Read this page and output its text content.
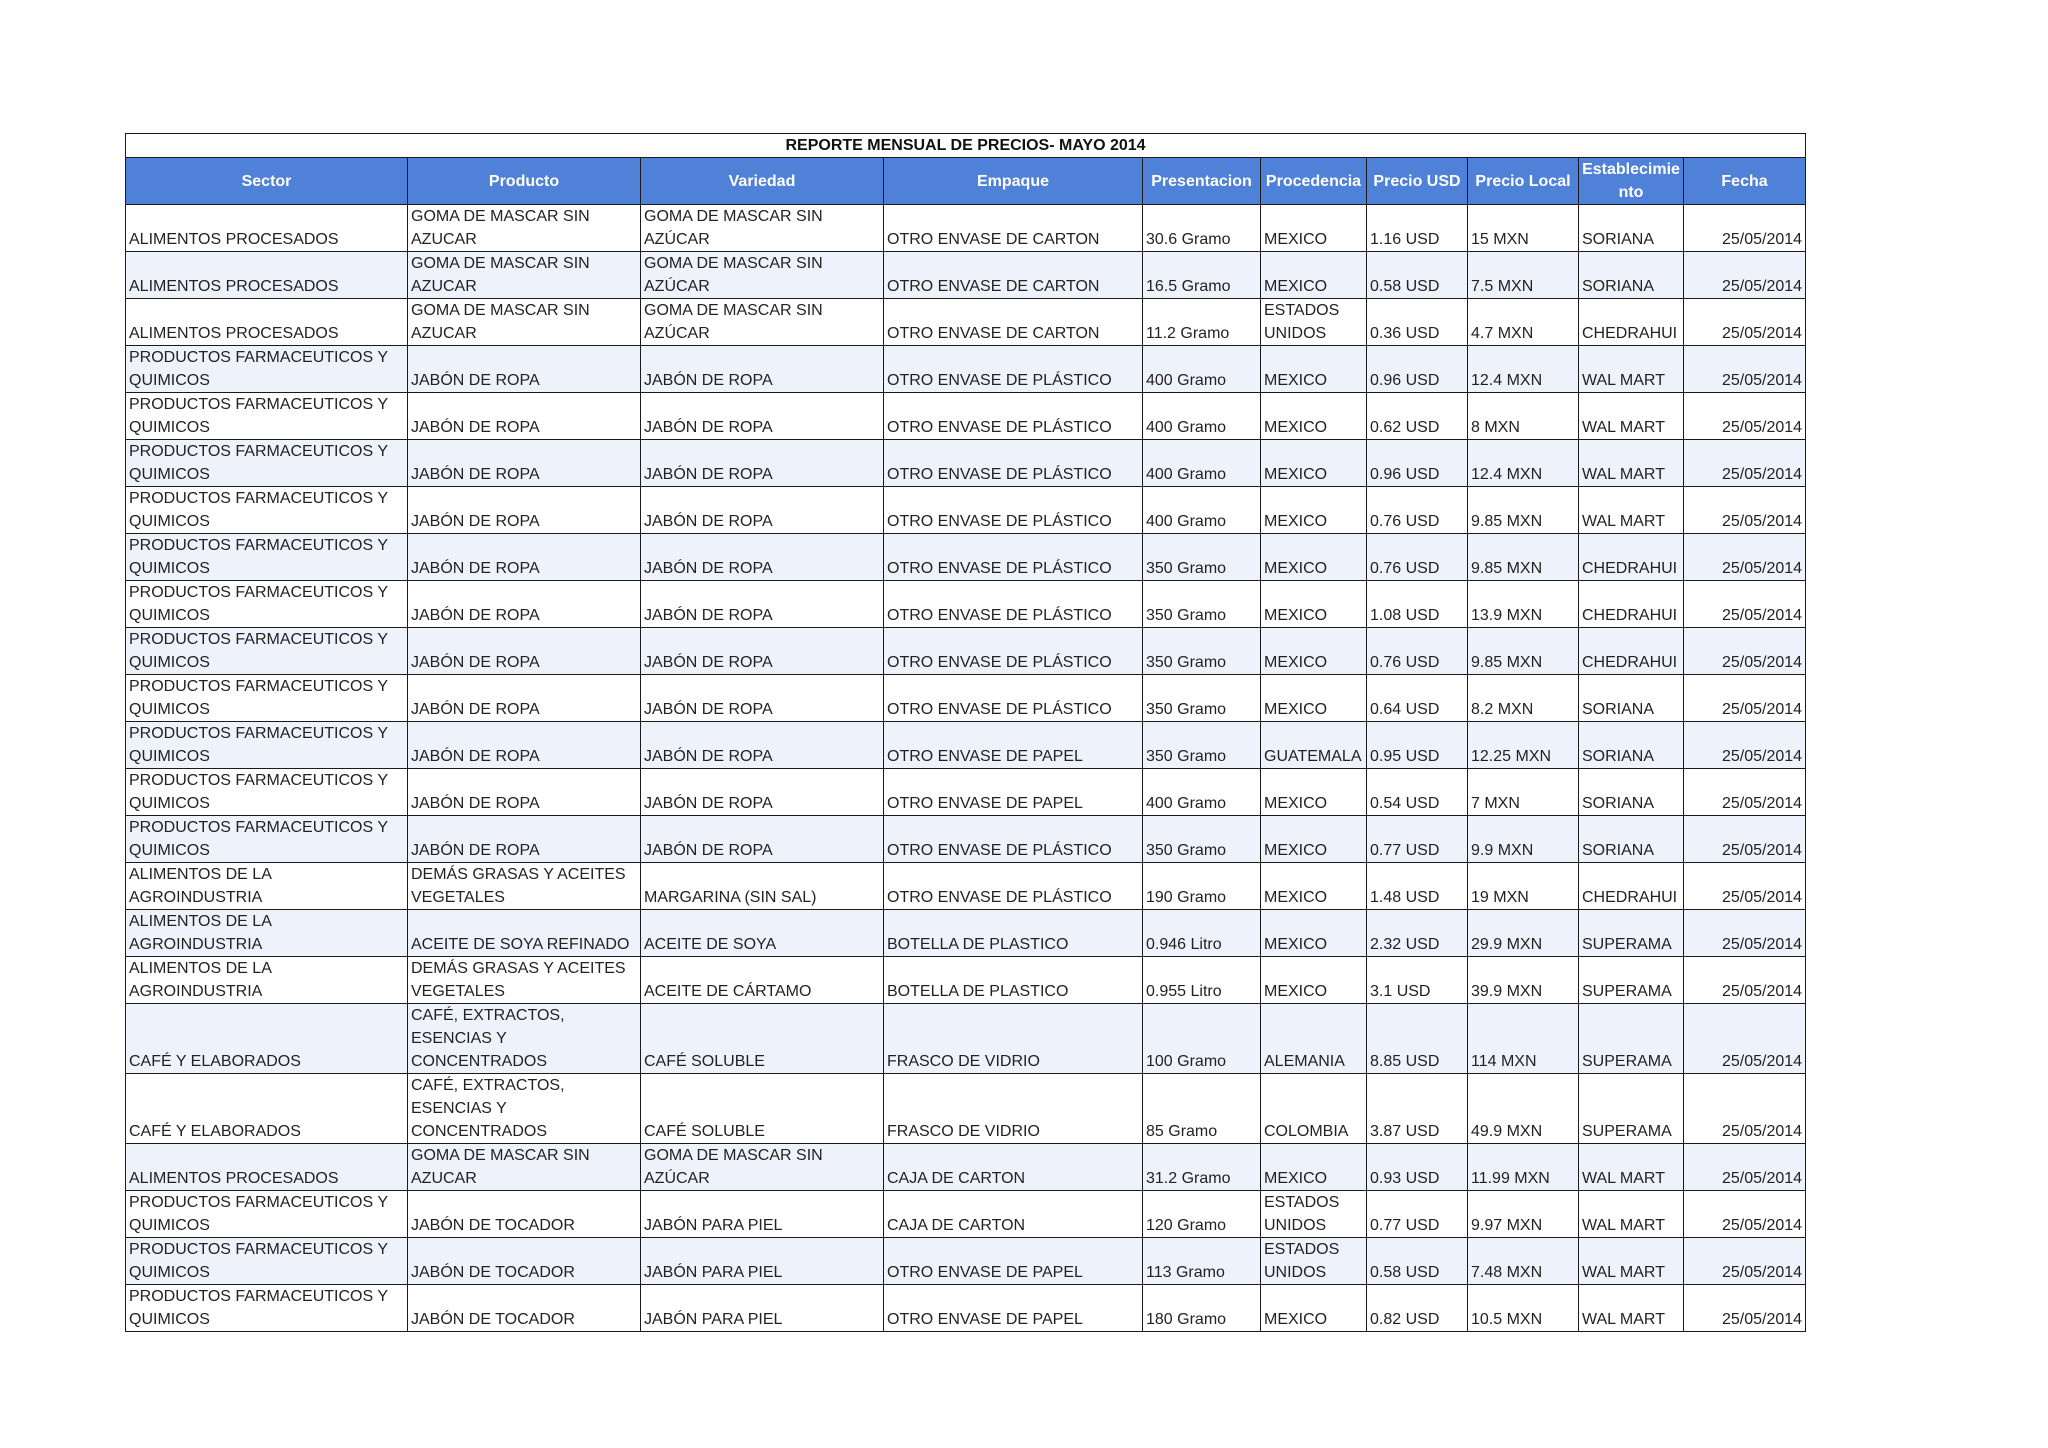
REPORTE MENSUAL DE PRECIOS- MAYO 2014									
Sector	Producto	Variedad	Empaque	Presentacion	Procedencia	Precio USD	Precio Local	Establecimie nto	Fecha
ALIMENTOS PROCESADOS	GOMA DE MASCAR SIN AZUCAR	GOMA DE MASCAR SIN AZÚCAR	OTRO ENVASE DE CARTON	30.6 Gramo	MEXICO	1.16 USD	15 MXN	SORIANA	25/05/2014
ALIMENTOS PROCESADOS	GOMA DE MASCAR SIN AZUCAR	GOMA DE MASCAR SIN AZÚCAR	OTRO ENVASE DE CARTON	16.5 Gramo	MEXICO	0.58 USD	7.5 MXN	SORIANA	25/05/2014
ALIMENTOS PROCESADOS	GOMA DE MASCAR SIN AZUCAR	GOMA DE MASCAR SIN AZÚCAR	OTRO ENVASE DE CARTON	11.2 Gramo	ESTADOS UNIDOS	0.36 USD	4.7 MXN	CHEDRAHUI	25/05/2014
PRODUCTOS FARMACEUTICOS Y QUIMICOS	JABÓN DE ROPA	JABÓN DE ROPA	OTRO ENVASE DE PLÁSTICO	400 Gramo	MEXICO	0.96 USD	12.4 MXN	WAL MART	25/05/2014
PRODUCTOS FARMACEUTICOS Y QUIMICOS	JABÓN DE ROPA	JABÓN DE ROPA	OTRO ENVASE DE PLÁSTICO	400 Gramo	MEXICO	0.62 USD	8 MXN	WAL MART	25/05/2014
PRODUCTOS FARMACEUTICOS Y QUIMICOS	JABÓN DE ROPA	JABÓN DE ROPA	OTRO ENVASE DE PLÁSTICO	400 Gramo	MEXICO	0.96 USD	12.4 MXN	WAL MART	25/05/2014
PRODUCTOS FARMACEUTICOS Y QUIMICOS	JABÓN DE ROPA	JABÓN DE ROPA	OTRO ENVASE DE PLÁSTICO	400 Gramo	MEXICO	0.76 USD	9.85 MXN	WAL MART	25/05/2014
PRODUCTOS FARMACEUTICOS Y QUIMICOS	JABÓN DE ROPA	JABÓN DE ROPA	OTRO ENVASE DE PLÁSTICO	350 Gramo	MEXICO	0.76 USD	9.85 MXN	CHEDRAHUI	25/05/2014
PRODUCTOS FARMACEUTICOS Y QUIMICOS	JABÓN DE ROPA	JABÓN DE ROPA	OTRO ENVASE DE PLÁSTICO	350 Gramo	MEXICO	1.08 USD	13.9 MXN	CHEDRAHUI	25/05/2014
PRODUCTOS FARMACEUTICOS Y QUIMICOS	JABÓN DE ROPA	JABÓN DE ROPA	OTRO ENVASE DE PLÁSTICO	350 Gramo	MEXICO	0.76 USD	9.85 MXN	CHEDRAHUI	25/05/2014
PRODUCTOS FARMACEUTICOS Y QUIMICOS	JABÓN DE ROPA	JABÓN DE ROPA	OTRO ENVASE DE PLÁSTICO	350 Gramo	MEXICO	0.64 USD	8.2 MXN	SORIANA	25/05/2014
PRODUCTOS FARMACEUTICOS Y QUIMICOS	JABÓN DE ROPA	JABÓN DE ROPA	OTRO ENVASE DE PAPEL	350 Gramo	GUATEMALA	0.95 USD	12.25 MXN	SORIANA	25/05/2014
PRODUCTOS FARMACEUTICOS Y QUIMICOS	JABÓN DE ROPA	JABÓN DE ROPA	OTRO ENVASE DE PAPEL	400 Gramo	MEXICO	0.54 USD	7 MXN	SORIANA	25/05/2014
PRODUCTOS FARMACEUTICOS Y QUIMICOS	JABÓN DE ROPA	JABÓN DE ROPA	OTRO ENVASE DE PLÁSTICO	350 Gramo	MEXICO	0.77 USD	9.9 MXN	SORIANA	25/05/2014
ALIMENTOS DE LA AGROINDUSTRIA	DEMÁS GRASAS Y ACEITES VEGETALES	MARGARINA (SIN SAL)	OTRO ENVASE DE PLÁSTICO	190 Gramo	MEXICO	1.48 USD	19 MXN	CHEDRAHUI	25/05/2014
ALIMENTOS DE LA AGROINDUSTRIA	ACEITE DE SOYA REFINADO	ACEITE DE SOYA	BOTELLA DE PLASTICO	0.946 Litro	MEXICO	2.32 USD	29.9 MXN	SUPERAMA	25/05/2014
ALIMENTOS DE LA AGROINDUSTRIA	DEMÁS GRASAS Y ACEITES VEGETALES	ACEITE DE CÁRTAMO	BOTELLA DE PLASTICO	0.955 Litro	MEXICO	3.1 USD	39.9 MXN	SUPERAMA	25/05/2014
CAFÉ Y ELABORADOS	CAFÉ, EXTRACTOS, ESENCIAS Y CONCENTRADOS	CAFÉ SOLUBLE	FRASCO DE VIDRIO	100 Gramo	ALEMANIA	8.85 USD	114 MXN	SUPERAMA	25/05/2014
CAFÉ Y ELABORADOS	CAFÉ, EXTRACTOS, ESENCIAS Y CONCENTRADOS	CAFÉ SOLUBLE	FRASCO DE VIDRIO	85 Gramo	COLOMBIA	3.87 USD	49.9 MXN	SUPERAMA	25/05/2014
ALIMENTOS PROCESADOS	GOMA DE MASCAR SIN AZUCAR	GOMA DE MASCAR SIN AZÚCAR	CAJA DE CARTON	31.2 Gramo	MEXICO	0.93 USD	11.99 MXN	WAL MART	25/05/2014
PRODUCTOS FARMACEUTICOS Y QUIMICOS	JABÓN DE TOCADOR	JABÓN PARA PIEL	CAJA DE CARTON	120 Gramo	ESTADOS UNIDOS	0.77 USD	9.97 MXN	WAL MART	25/05/2014
PRODUCTOS FARMACEUTICOS Y QUIMICOS	JABÓN DE TOCADOR	JABÓN PARA PIEL	OTRO ENVASE DE PAPEL	113 Gramo	ESTADOS UNIDOS	0.58 USD	7.48 MXN	WAL MART	25/05/2014
PRODUCTOS FARMACEUTICOS Y QUIMICOS	JABÓN DE TOCADOR	JABÓN PARA PIEL	OTRO ENVASE DE PAPEL	180 Gramo	MEXICO	0.82 USD	10.5 MXN	WAL MART	25/05/2014
